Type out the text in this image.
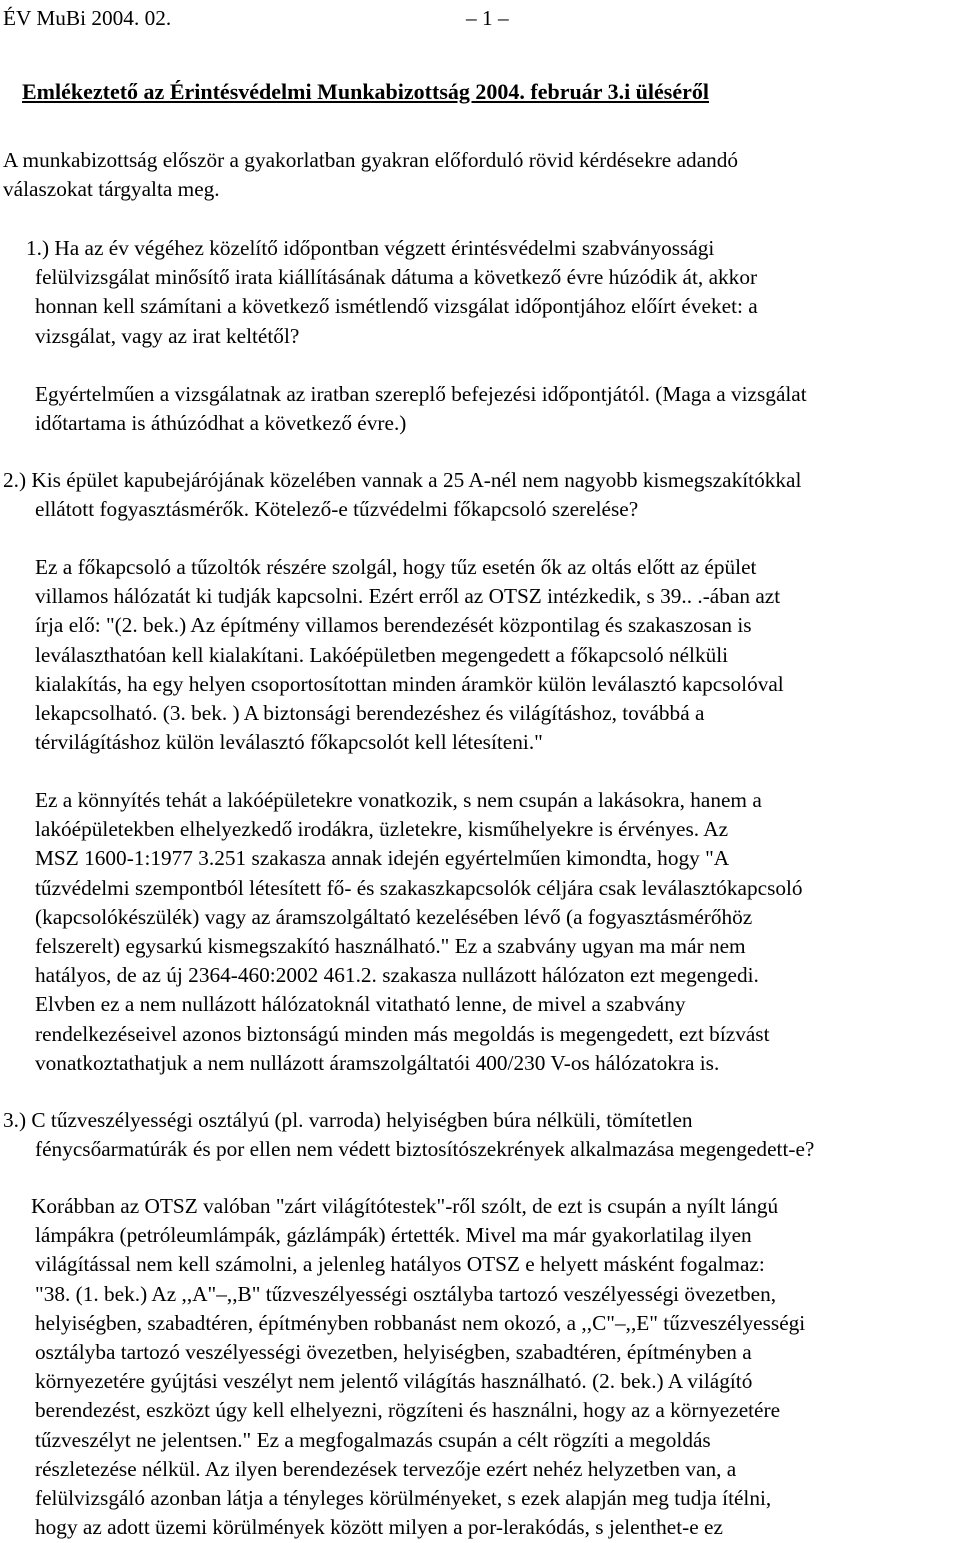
ÉV MuBi 2004. 02.	– 1 –
Emlékeztető az Érintésvédelmi Munkabizottság 2004. február 3.i üléséről
A munkabizottság először a gyakorlatban gyakran előforduló rövid kérdésekre adandó
válaszokat tárgyalta meg.
1.) Ha az év végéhez közelítő időpontban végzett érintésvédelmi szabványossági
felülvizsgálat minősítő irata kiállításának dátuma a következő évre húzódik át, akkor
honnan kell számítani a következő ismétlendő vizsgálat időpontjához előírt éveket: a
vizsgálat, vagy az irat keltétől?
Egyértelműen a vizsgálatnak az iratban szereplő befejezési időpontjától. (Maga a vizsgálat
időtartama is áthúzódhat a következő évre.)
2.) Kis épület kapubejárójának közelében vannak a 25 A-nél nem nagyobb kismegszakítókkal
ellátott fogyasztásmérők. Kötelező-e tűzvédelmi főkapcsoló szerelése?
Ez a főkapcsoló a tűzoltók részére szolgál, hogy tűz esetén ők az oltás előtt az épület
villamos hálózatát ki tudják kapcsolni. Ezért erről az OTSZ intézkedik, s 39.. .-ában azt
írja elő: "(2. bek.) Az építmény villamos berendezését központilag és szakaszosan is
leválaszthatóan kell kialakítani. Lakóépületben megengedett a főkapcsoló nélküli
kialakítás, ha egy helyen csoportosítottan minden áramkör külön leválasztó kapcsolóval
lekapcsolható. (3. bek. ) A biztonsági berendezéshez és világításhoz, továbbá a
térvilágításhoz külön leválasztó főkapcsolót kell létesíteni."
Ez a könnyítés tehát a lakóépületekre vonatkozik, s nem csupán a lakásokra, hanem a
lakóépületekben elhelyezkedő irodákra, üzletekre, kisműhelyekre is érvényes. Az
MSZ 1600-1:1977 3.251 szakasza annak idején egyértelműen kimondta, hogy "A
tűzvédelmi szempontból létesített fő- és szakaszkapcsolók céljára csak leválasztókapcsoló
(kapcsolókészülék) vagy az áramszolgáltató kezelésében lévő (a fogyasztásmérőhöz
felszerelt) egysarkú kismegszakító használható." Ez a szabvány ugyan ma már nem
hatályos, de az új 2364-460:2002 461.2. szakasza nullázott hálózaton ezt megengedi.
Elvben ez a nem nullázott hálózatoknál vitatható lenne, de mivel a szabvány
rendelkezéseivel azonos biztonságú minden más megoldás is megengedett, ezt bízvást
vonatkoztathatjuk a nem nullázott áramszolgáltatói 400/230 V-os hálózatokra is.
3.) C tűzveszélyességi osztályú (pl. varroda) helyiségben búra nélküli, tömítetlen
fénycsőarmatúrák és por ellen nem védett biztosítószekrények alkalmazása megengedett-e?
Korábban az OTSZ valóban "zárt világítótestek"-ről szólt, de ezt is csupán a nyílt lángú
lámpákra (petróleumlámpák, gázlámpák) értették. Mivel ma már gyakorlatilag ilyen
világítással nem kell számolni, a jelenleg hatályos OTSZ e helyett másként fogalmaz:
"38. (1. bek.) Az ,,A"–,,B" tűzveszélyességi osztályba tartozó veszélyességi övezetben,
helyiségben, szabadtéren, építményben robbanást nem okozó, a ,,C"–,,E" tűzveszélyességi
osztályba tartozó veszélyességi övezetben, helyiségben, szabadtéren, építményben a
környezetére gyújtási veszélyt nem jelentő világítás használható. (2. bek.) A világító
berendezést, eszközt úgy kell elhelyezni, rögzíteni és használni, hogy az a környezetére
tűzveszélyt ne jelentsen." Ez a megfogalmazás csupán a célt rögzíti a megoldás
részletezése nélkül. Az ilyen berendezések tervezője ezért nehéz helyzetben van, a
felülvizsgáló azonban látja a tényleges körülményeket, s ezek alapján meg tudja ítélni,
hogy az adott üzemi körülmények között milyen a por-lerakódás, s jelenthet-e ez
